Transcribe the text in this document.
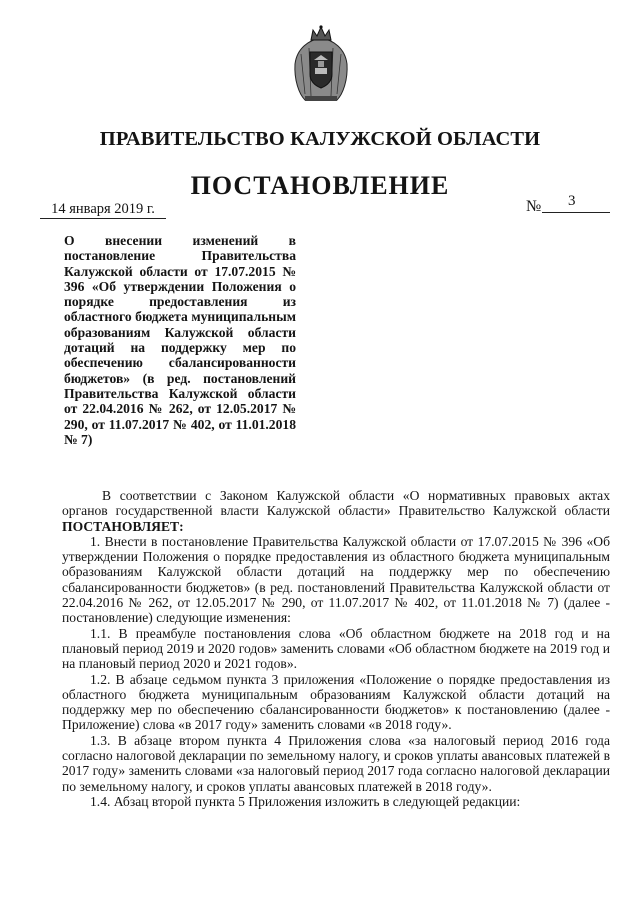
ПРАВИТЕЛЬСТВО КАЛУЖСКОЙ ОБЛАСТИ
ПОСТАНОВЛЕНИЕ
14 января 2019 г.	№ 3
О внесении изменений в постановление Правительства Калужской области от 17.07.2015 № 396 «Об утверждении Положения о порядке предоставления из областного бюджета муниципальным образованиям Калужской области дотаций на поддержку мер по обеспечению сбалансированности бюджетов» (в ред. постановлений Правительства Калужской области от 22.04.2016 № 262, от 12.05.2017 № 290, от 11.07.2017 № 402, от 11.01.2018 № 7)

В соответствии с Законом Калужской области «О нормативных правовых актах органов государственной власти Калужской области» Правительство Калужской области ПОСТАНОВЛЯЕТ:

1. Внести в постановление Правительства Калужской области от 17.07.2015 № 396 «Об утверждении Положения о порядке предоставления из областного бюджета муниципальным образованиям Калужской области дотаций на поддержку мер по обеспечению сбалансированности бюджетов» (в ред. постановлений Правительства Калужской области от 22.04.2016 № 262, от 12.05.2017 № 290, от 11.07.2017 № 402, от 11.01.2018 № 7) (далее - постановление) следующие изменения:

1.1. В преамбуле постановления слова «Об областном бюджете на 2018 год и на плановый период 2019 и 2020 годов» заменить словами «Об областном бюджете на 2019 год и на плановый период 2020 и 2021 годов».

1.2. В абзаце седьмом пункта 3 приложения «Положение о порядке предоставления из областного бюджета муниципальным образованиям Калужской области дотаций на поддержку мер по обеспечению сбалансированности бюджетов» к постановлению (далее - Приложение) слова «в 2017 году» заменить словами «в 2018 году».

1.3. В абзаце втором пункта 4 Приложения слова «за налоговый период 2016 года согласно налоговой декларации по земельному налогу, и сроков уплаты авансовых платежей в 2017 году» заменить словами «за налоговый период 2017 года согласно налоговой декларации по земельному налогу, и сроков уплаты авансовых платежей в 2018 году».

1.4. Абзац второй пункта 5 Приложения изложить в следующей редакции:
